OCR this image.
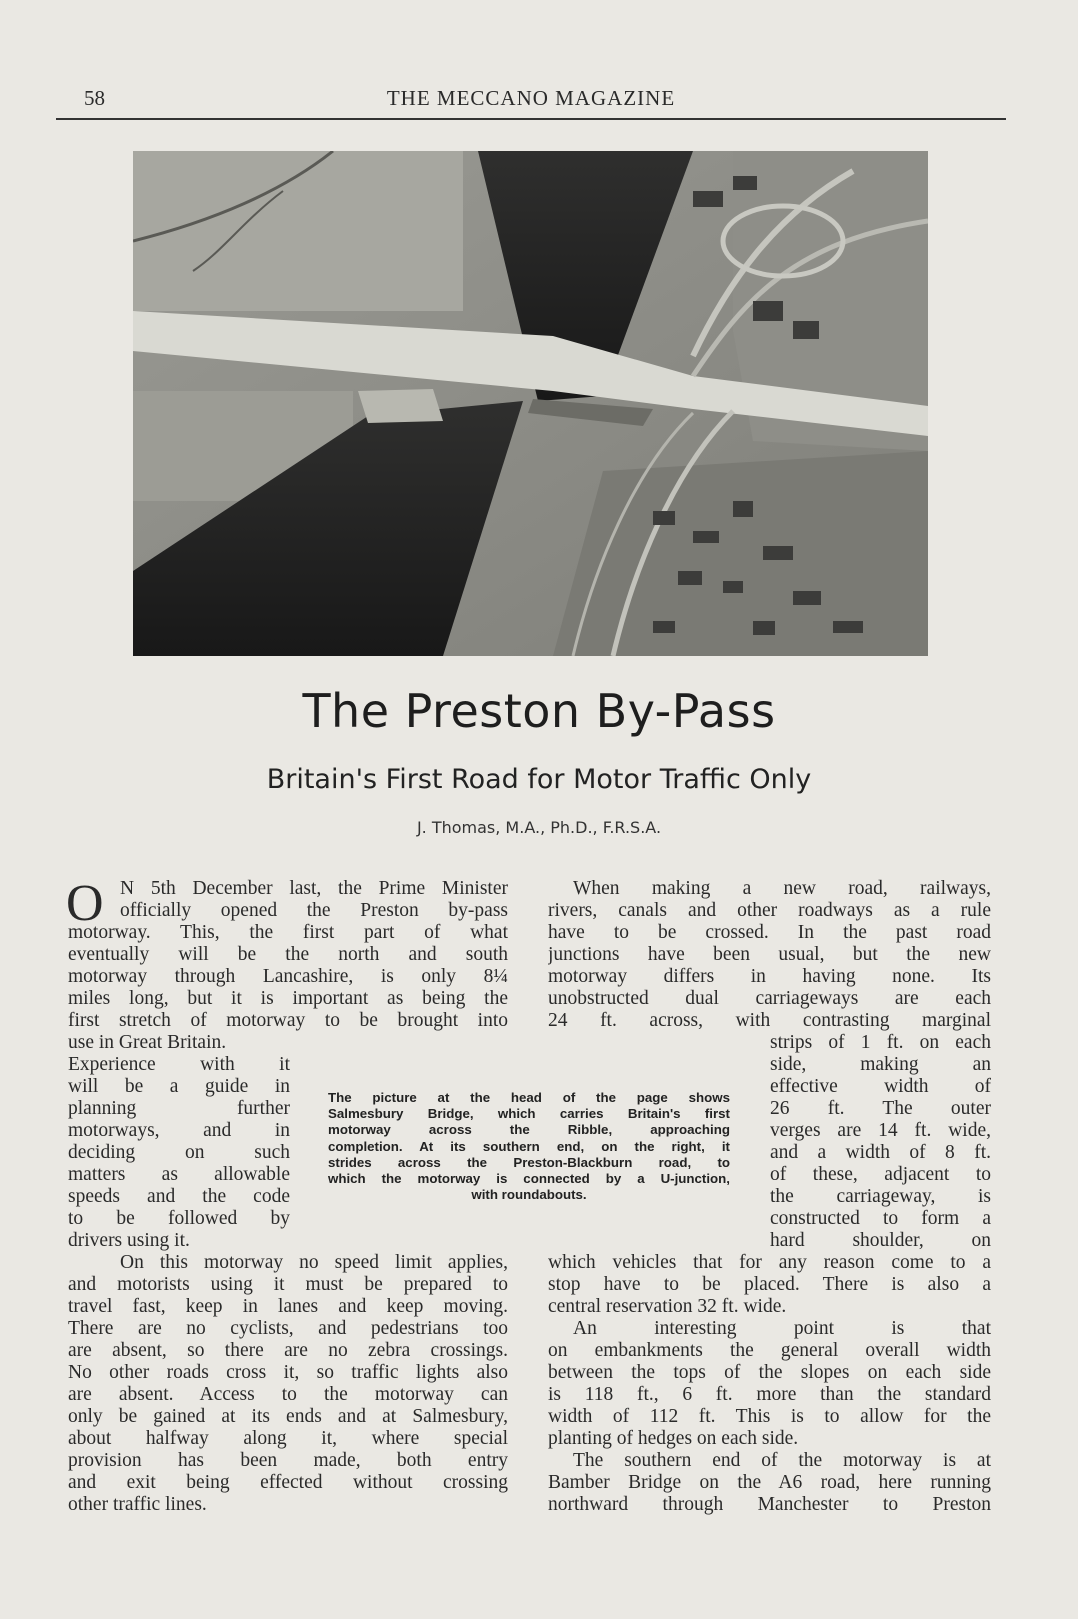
58	THE MECCANO MAGAZINE
The Preston By-Pass
Britain's First Road for Motor Traffic Only
J. Thomas, M.A., Ph.D., F.R.S.A.
O N 5th December last, the Prime Minister
officially opened the Preston by-pass
motorway. This, the first part of what
eventually will be the north and south
motorway through Lancashire, is only 8¼
miles long, but it is important as being the
first stretch of motorway to be brought into
use in Great Britain.
Experience with it
will be a guide in
planning further
motorways, and in
deciding on such
matters as allowable
speeds and the code
to be followed by
drivers using it.
On this motorway no speed limit applies,
and motorists using it must be prepared to
travel fast, keep in lanes and keep moving.
There are no cyclists, and pedestrians too
are absent, so there are no zebra crossings.
No other roads cross it, so traffic lights also
are absent. Access to the motorway can
only be gained at its ends and at Salmesbury,
about halfway along it, where special
provision has been made, both entry
and exit being effected without crossing
other traffic lines.
The picture at the head of the page shows
Salmesbury Bridge, which carries Britain's first
motorway across the Ribble, approaching
completion. At its southern end, on the right, it
strides across the Preston-Blackburn road, to
which the motorway is connected by a U-junction,
with roundabouts.
When making a new road, railways,
rivers, canals and other roadways as a rule
have to be crossed. In the past road
junctions have been usual, but the new
motorway differs in having none. Its
unobstructed dual carriageways are each
24 ft. across, with contrasting marginal
strips of 1 ft. on each
side, making an
effective width of
26 ft. The outer
verges are 14 ft. wide,
and a width of 8 ft.
of these, adjacent to
the carriageway, is
constructed to form a
hard shoulder, on
which vehicles that for any reason come to a
stop have to be placed. There is also a
central reservation 32 ft. wide.
An interesting point is that
on embankments the general overall width
between the tops of the slopes on each side
is 118 ft., 6 ft. more than the standard
width of 112 ft. This is to allow for the
planting of hedges on each side.
The southern end of the motorway is at
Bamber Bridge on the A6 road, here running
northward through Manchester to Preston
